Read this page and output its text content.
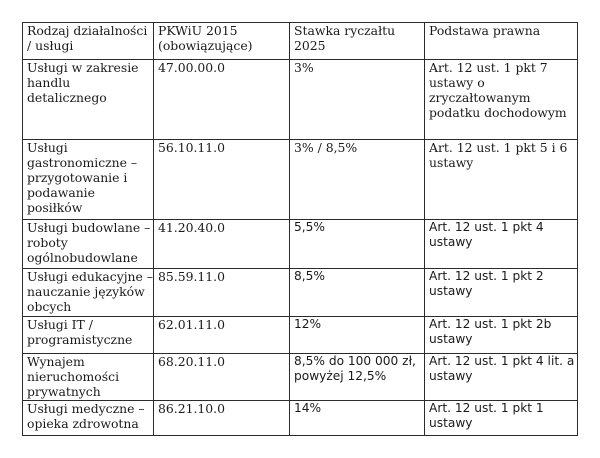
Rodzaj działalności / usługi	PKWiU 2015 (obowiązujące)	Stawka ryczałtu 2025	Podstawa prawna
Usługi w zakresie handlu detalicznego	47.00.00.0	3%	Art. 12 ust. 1 pkt 7 ustawy o zryczałtowanym podatku dochodowym
Usługi gastronomiczne – przygotowanie i podawanie posiłków	56.10.11.0	3% / 8,5%	Art. 12 ust. 1 pkt 5 i 6 ustawy
Usługi budowlane – roboty ogólnobudowlane	41.20.40.0	5,5%	Art. 12 ust. 1 pkt 4 ustawy
Usługi edukacyjne – nauczanie języków obcych	85.59.11.0	8,5%	Art. 12 ust. 1 pkt 2 ustawy
Usługi IT / programistyczne	62.01.11.0	12%	Art. 12 ust. 1 pkt 2b ustawy
Wynajem nieruchomości prywatnych	68.20.11.0	8,5% do 100 000 zł, powyżej 12,5%	Art. 12 ust. 1 pkt 4 lit. a ustawy
Usługi medyczne – opieka zdrowotna	86.21.10.0	14%	Art. 12 ust. 1 pkt 1 ustawy
